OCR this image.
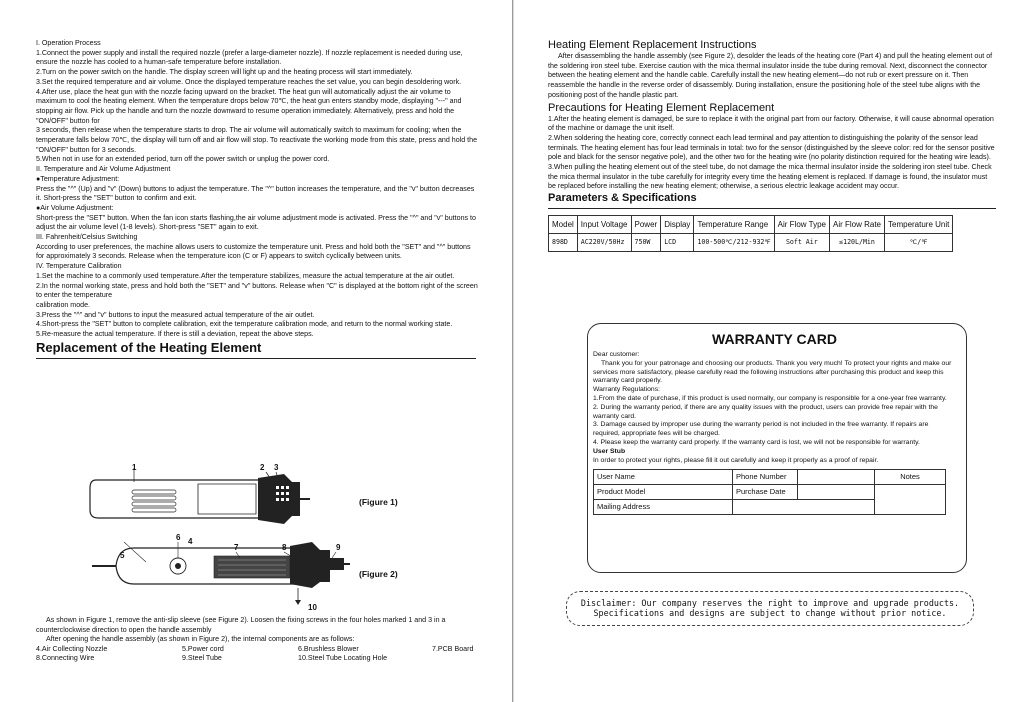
I. Operation Process

1.Connect the power supply and install the required nozzle (prefer a large-diameter nozzle). If nozzle replacement is needed during use, ensure the nozzle has cooled to a human-safe temperature before installation.

2.Turn on the power switch on the handle. The display screen will light up and the heating process will start immediately.

3.Set the required temperature and air volume. Once the displayed temperature reaches the set value, you can begin desoldering work.

4.After use, place the heat gun with the nozzle facing upward on the bracket. The heat gun will automatically adjust the air volume to maximum to cool the heating element. When the temperature drops below 70℃, the heat gun enters standby mode, displaying "---" and stopping air flow. Pick up the handle and turn the nozzle downward to resume operation immediately. Alternatively, press and hold the "ON/OFF" button for

3 seconds, then release when the temperature starts to drop. The air volume will automatically switch to maximum for cooling; when the temperature falls below 70℃, the display will turn off and air flow will stop. To reactivate the working mode from this state, press and hold the "ON/OFF" button for 3 seconds.

5.When not in use for an extended period, turn off the power switch or unplug the power cord.

II. Temperature and Air Volume Adjustment

●Temperature Adjustment:

Press the "^" (Up) and "v" (Down) buttons to adjust the temperature. The "^" button increases the temperature, and the "v" button decreases it. Short-press the "SET" button to confirm and exit.

●Air Volume Adjustment:

Short-press the "SET" button. When the fan icon starts flashing,the air volume adjustment mode is activated. Press the "^" and "v" buttons to adjust the air volume level (1-8 levels). Short-press "SET" again to exit.

III. Fahrenheit/Celsius Switching

According to user preferences, the machine allows users to customize the temperature unit. Press and hold both the "SET" and "^" buttons for approximately 3 seconds. Release when the temperature icon (C or F) appears to switch cyclically between units.

IV. Temperature Calibration

1.Set the machine to a commonly used temperature.After the temperature stabilizes, measure the actual temperature at the air outlet.

2.In the normal working state, press and hold both the "SET" and "v" buttons. Release when "C" is displayed at the bottom right of the screen to enter the temperature

calibration mode.

3.Press the "^" and "v" buttons to input the measured actual temperature of the air outlet.

4.Short-press the "SET" button to complete calibration, exit the temperature calibration mode, and return to the normal working state.

5.Re-measure the actual temperature. If there is still a deviation, repeat the above steps.

Replacement of the Heating Element

1	2 3
4
5
6
7	8	9
10
(Figure 1)
(Figure 2)

As shown in Figure 1, remove the anti-slip sleeve (see Figure 2). Loosen the fixing screws in the four holes marked 1 and 3 in a counterclockwise direction to open the handle assembly

After opening the handle assembly (as shown in Figure 2), the internal components are as follows:

4.Air Collecting Nozzle	5.Power cord	6.Brushless Blower	7.PCB Board
8.Connecting Wire	9.Steel Tube	10.Steel Tube Locating Hole

Heating Element Replacement Instructions

After disassembling the handle assembly (see Figure 2), desolder the leads of the heating core (Part 4) and pull the heating element out of the soldering iron steel tube. Exercise caution with the mica thermal insulator inside the tube during removal. Next, disconnect the connector between the heating element and the handle cable. Carefully install the new heating element—do not rub or exert pressure on it. Then reassemble the handle in the reverse order of disassembly. During installation, ensure the positioning hole of the steel tube aligns with the positioning post of the handle plastic part.

Precautions for Heating Element Replacement

1.After the heating element is damaged, be sure to replace it with the original part from our factory. Otherwise, it will cause abnormal operation of the machine or damage the unit itself.

2.When soldering the heating core, correctly connect each lead terminal and pay attention to distinguishing the polarity of the sensor lead terminals. The heating element has four lead terminals in total: two for the sensor (distinguished by the sleeve color: red for the sensor positive pole and black for the sensor negative pole), and the other two for the heating wire (no polarity distinction required for the heating wire leads).

3.When pulling the heating element out of the steel tube, do not damage the mica thermal insulator inside the soldering iron steel tube. Check the mica thermal insulator in the tube carefully for integrity every time the heating element is replaced. If damage is found, the insulator must be replaced before installing the new heating element; otherwise, a serious electric leakage accident may occur.

Parameters & Specifications

Model	Input Voltage	Power	Display	Temperature Range	Air Flow Type	Air Flow Rate	Temperature Unit
898D	AC220V/50Hz	750W	LCD	100-500℃/212-932℉	Soft Air	≤120L/Min	℃/℉

WARRANTY CARD

Dear customer:

Thank you for your patronage and choosing our products. Thank you very much! To protect your rights and make our services more satisfactory, please carefully read the following instructions after purchasing this product and keep this warranty card properly.

Warranty Regulations:

1.From the date of purchase, if this product is used normally, our company is responsible for a one-year free warranty.

2. During the warranty period, if there are any quality issues with the product, users can provide free repair with the warranty card.

3. Damage caused by improper use during the warranty period is not included in the free warranty. If repairs are required, appropriate fees will be charged.

4. Please keep the warranty card properly. If the warranty card is lost, we will not be responsible for warranty.

User Stub

In order to protect your rights, please fill it out carefully and keep it properly as a proof of repair.

User Name	Phone Number		Notes
Product Model	Purchase Date		
Mailing Address			
Disclaimer: Our company reserves the right to improve and upgrade products.
Specifications and designs are subject to change without prior notice.
